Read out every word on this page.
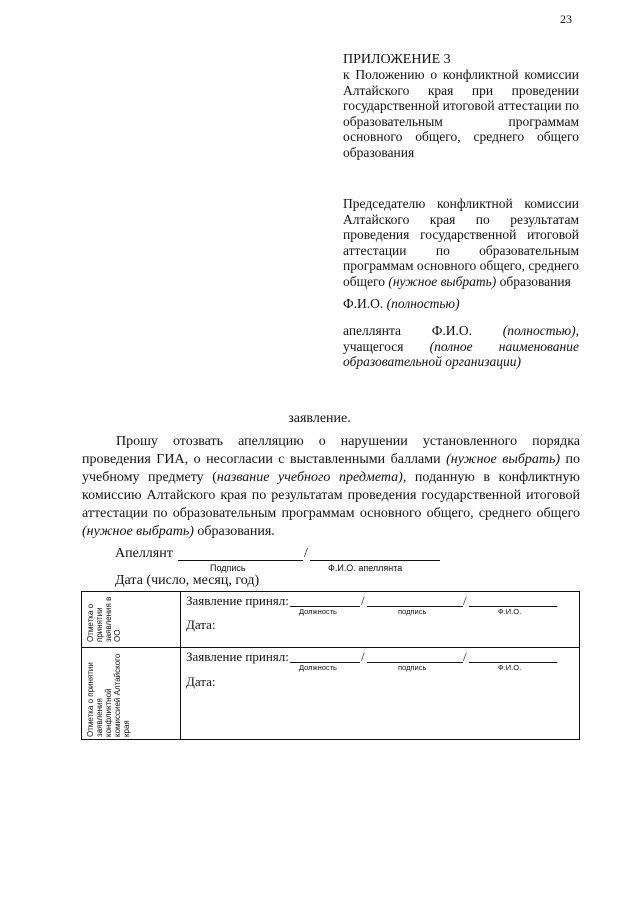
23
ПРИЛОЖЕНИЕ 3
к Положению о конфликтной комиссии Алтайского края при проведении государственной итоговой аттестации по образовательным программам основного общего, среднего общего образования
Председателю конфликтной комиссии Алтайского края по результатам проведения государственной итоговой аттестации по образовательным программам основного общего, среднего общего (нужное выбрать) образования
Ф.И.О. (полностью)
апеллянта Ф.И.О. (полностью), учащегося (полное наименование образовательной организации)
заявление.

Прошу отозвать апелляцию о нарушении установленного порядка проведения ГИА, о несогласии с выставленными баллами (нужное выбрать) по учебному предмету (название учебного предмета), поданную в конфликтную комиссию Алтайского края по результатам проведения государственной итоговой аттестации по образовательным программам основного общего, среднего общего (нужное выбрать) образования.

Апеллянт	/
Подпись	Ф.И.О. апеллянта
Дата (число, месяц, год)
Отметка о принятии заявления в ОО
Заявление принял:	/	/
Должность	подпись	Ф.И.О.
Дата:
Отметка о принятии заявления конфликтной комиссией Алтайского края
Заявление принял:	/	/
Должность	подпись	Ф.И.О.
Дата:
